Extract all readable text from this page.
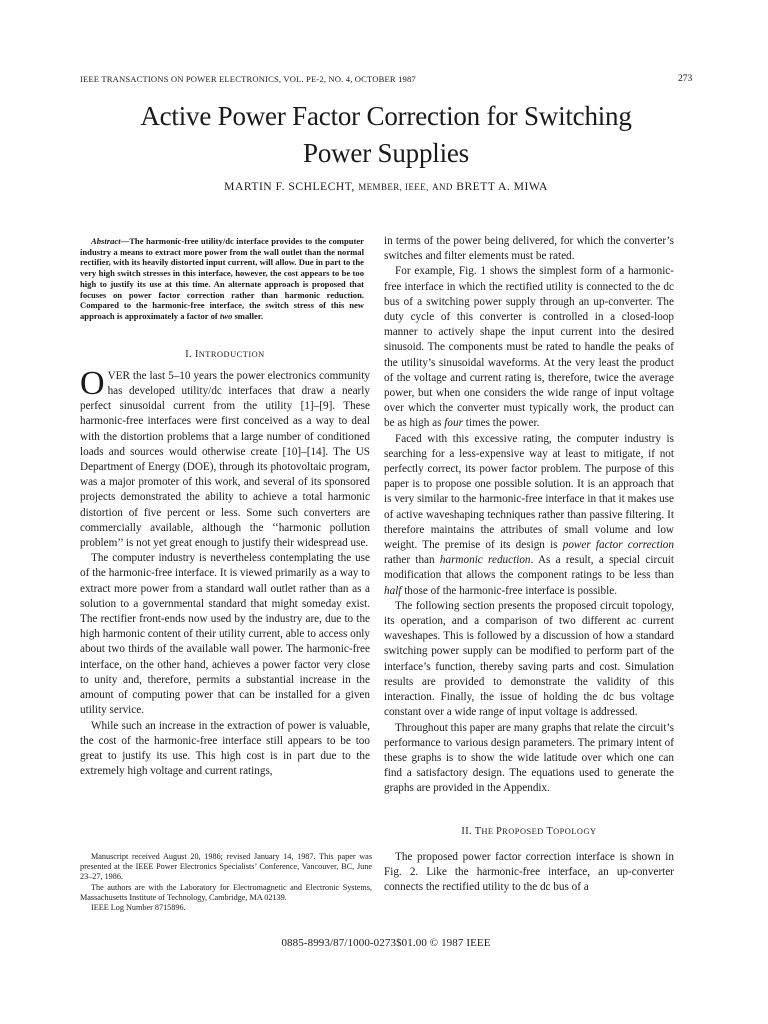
IEEE TRANSACTIONS ON POWER ELECTRONICS, VOL. PE-2, NO. 4, OCTOBER 1987	273
Active Power Factor Correction for Switching
Power Supplies
MARTIN F. SCHLECHT, MEMBER, IEEE, AND BRETT A. MIWA

Abstract—The harmonic-free utility/dc interface provides to the computer industry a means to extract more power from the wall outlet than the normal rectifier, with its heavily distorted input current, will allow. Due in part to the very high switch stresses in this interface, however, the cost appears to be too high to justify its use at this time. An alternate approach is proposed that focuses on power factor correction rather than harmonic reduction. Compared to the harmonic-free interface, the switch stress of this new approach is approximately a factor of two smaller.

I. INTRODUCTION

OVER the last 5–10 years the power electronics community has developed utility/dc interfaces that draw a nearly perfect sinusoidal current from the utility [1]–[9]. These harmonic-free interfaces were first conceived as a way to deal with the distortion problems that a large number of conditioned loads and sources would otherwise create [10]–[14]. The US Department of Energy (DOE), through its photovoltaic program, was a major promoter of this work, and several of its sponsored projects demonstrated the ability to achieve a total harmonic distortion of five percent or less. Some such converters are commercially available, although the ‘‘harmonic pollution problem’’ is not yet great enough to justify their widespread use.

The computer industry is nevertheless contemplating the use of the harmonic-free interface. It is viewed primarily as a way to extract more power from a standard wall outlet rather than as a solution to a governmental standard that might someday exist. The rectifier front-ends now used by the industry are, due to the high harmonic content of their utility current, able to access only about two thirds of the available wall power. The harmonic-free interface, on the other hand, achieves a power factor very close to unity and, therefore, permits a substantial increase in the amount of computing power that can be installed for a given utility service.

While such an increase in the extraction of power is valuable, the cost of the harmonic-free interface still appears to be too great to justify its use. This high cost is in part due to the extremely high voltage and current ratings,

Manuscript received August 20, 1986; revised January 14, 1987. This paper was presented at the IEEE Power Electronics Specialists’ Conference, Vancouver, BC, June 23–27, 1986.

The authors are with the Laboratory for Electromagnetic and Electronic Systems, Massachusetts Institute of Technology, Cambridge, MA 02139.

IEEE Log Number 8715896.

in terms of the power being delivered, for which the converter’s switches and filter elements must be rated.

For example, Fig. 1 shows the simplest form of a harmonic-free interface in which the rectified utility is connected to the dc bus of a switching power supply through an up-converter. The duty cycle of this converter is controlled in a closed-loop manner to actively shape the input current into the desired sinusoid. The components must be rated to handle the peaks of the utility’s sinusoidal waveforms. At the very least the product of the voltage and current rating is, therefore, twice the average power, but when one considers the wide range of input voltage over which the converter must typically work, the product can be as high as four times the power.

Faced with this excessive rating, the computer industry is searching for a less-expensive way at least to mitigate, if not perfectly correct, its power factor problem. The purpose of this paper is to propose one possible solution. It is an approach that is very similar to the harmonic-free interface in that it makes use of active waveshaping techniques rather than passive filtering. It therefore maintains the attributes of small volume and low weight. The premise of its design is power factor correction rather than harmonic reduction. As a result, a special circuit modification that allows the component ratings to be less than half those of the harmonic-free interface is possible.

The following section presents the proposed circuit topology, its operation, and a comparison of two different ac current waveshapes. This is followed by a discussion of how a standard switching power supply can be modified to perform part of the interface’s function, thereby saving parts and cost. Simulation results are provided to demonstrate the validity of this interaction. Finally, the issue of holding the dc bus voltage constant over a wide range of input voltage is addressed.

Throughout this paper are many graphs that relate the circuit’s performance to various design parameters. The primary intent of these graphs is to show the wide latitude over which one can find a satisfactory design. The equations used to generate the graphs are provided in the Appendix.

II. THE PROPOSED TOPOLOGY

The proposed power factor correction interface is shown in Fig. 2. Like the harmonic-free interface, an up-converter connects the rectified utility to the dc bus of a

0885-8993/87/1000-0273$01.00 © 1987 IEEE
